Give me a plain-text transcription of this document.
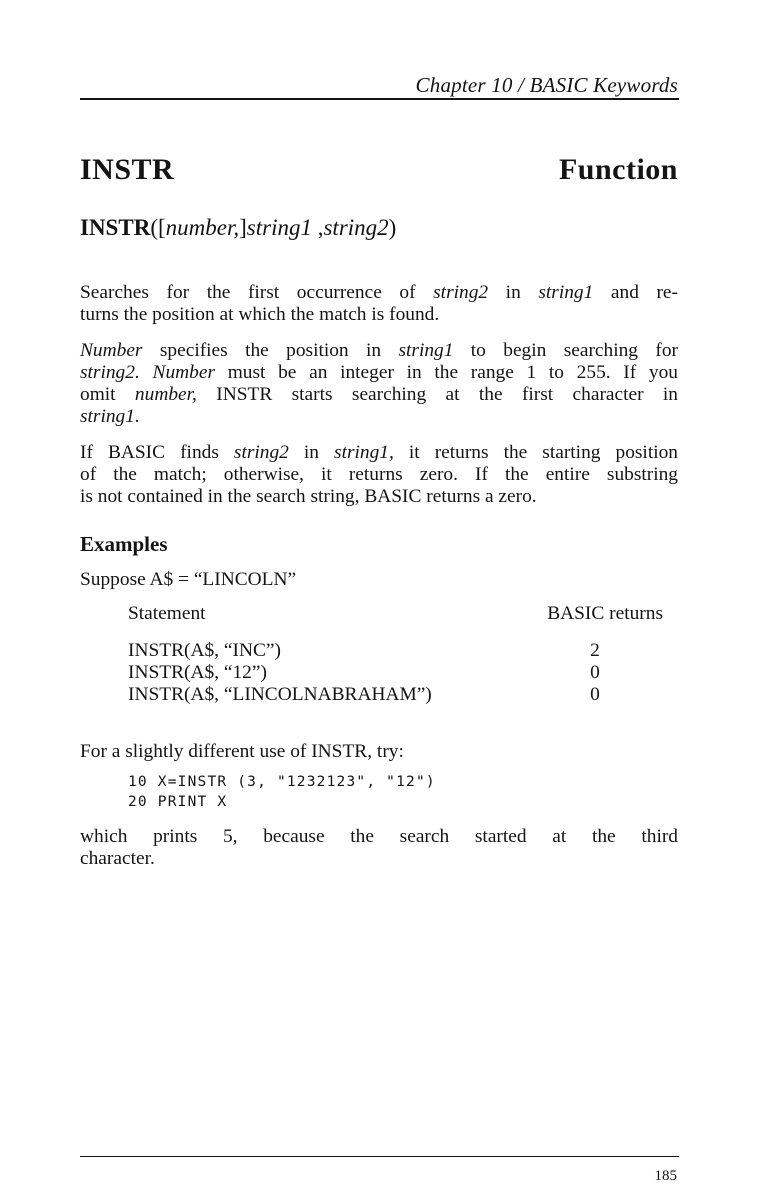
Chapter 10 / BASIC Keywords
INSTR	Function
INSTR([number,]string1 ,string2)

Searches for the first occurrence of string2 in string1 and re-
turns the position at which the match is found.

Number specifies the position in string1 to begin searching for
string2. Number must be an integer in the range 1 to 255. If you
omit number, INSTR starts searching at the first character in
string1.

If BASIC finds string2 in string1, it returns the starting position
of the match; otherwise, it returns zero. If the entire substring
is not contained in the search string, BASIC returns a zero.

Examples
Suppose A$ = “LINCOLN”
Statement	BASIC returns
INSTR(A$, “INC”)	2
INSTR(A$, “12”)	0
INSTR(A$, “LINCOLNABRAHAM”)	0
For a slightly different use of INSTR, try:
10 X=INSTR (3, "1232123", "12")
20 PRINT X

which prints 5, because the search started at the third
character.

185
